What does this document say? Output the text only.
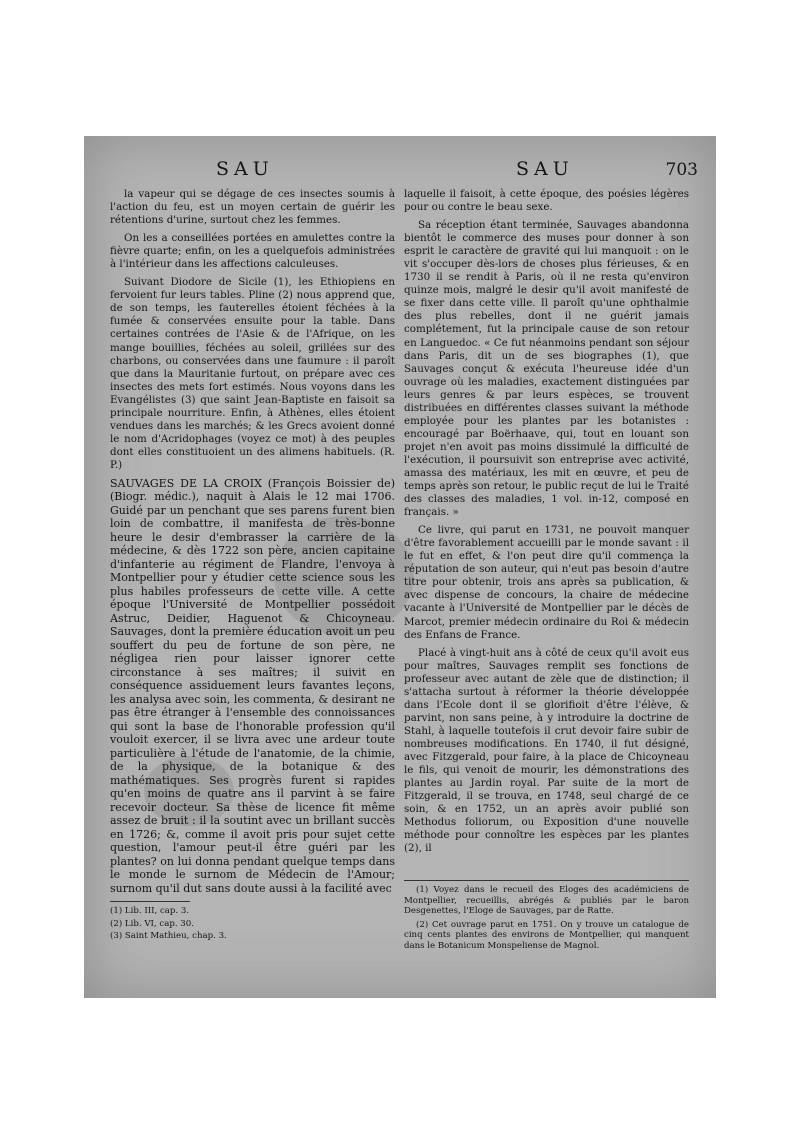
SAU	SAU	703

la vapeur qui se dégage de ces insectes soumis à l'action du feu, est un moyen certain de guérir les rétentions d'urine, surtout chez les femmes.

On les a conseillées portées en amulettes contre la fièvre quarte; enfin, on les a quelquefois administrées à l'intérieur dans les affections calculeuses.

Suivant Diodore de Sicile (1), les Ethiopiens en fervoient fur leurs tables. Pline (2) nous apprend que, de son temps, les fauterelles étoient féchées à la fumée & conservées ensuite pour la table. Dans certaines contrées de l'Asie & de l'Afrique, on les mange bouillies, féchées au soleil, grillées sur des charbons, ou conservées dans une faumure : il paroît que dans la Mauritanie furtout, on prépare avec ces insectes des mets fort estimés. Nous voyons dans les Evangélistes (3) que saint Jean-Baptiste en faisoit sa principale nourriture. Enfin, à Athènes, elles étoient vendues dans les marchés; & les Grecs avoient donné le nom d'Acridophages (voyez ce mot) à des peuples dont elles constituoient un des alimens habituels. (R. P.)

SAUVAGES DE LA CROIX (François Boissier de) (Biogr. médic.), naquit à Alais le 12 mai 1706. Guidé par un penchant que ses parens furent bien loin de combattre, il manifesta de très-bonne heure le desir d'embrasser la carrière de la médecine, & dès 1722 son père, ancien capitaine d'infanterie au régiment de Flandre, l'envoya à Montpellier pour y étudier cette science sous les plus habiles professeurs de cette ville. A cette époque l'Université de Montpellier possédoit Astruc, Deidier, Haguenot & Chicoyneau. Sauvages, dont la première éducation avoit un peu souffert du peu de fortune de son père, ne négligea rien pour laisser ignorer cette circonstance à ses maîtres; il suivit en conséquence assiduement leurs favantes leçons, les analysa avec soin, les commenta, & desirant ne pas être étranger à l'ensemble des connoissances qui sont la base de l'honorable profession qu'il vouloit exercer, il se livra avec une ardeur toute particulière à l'étude de l'anatomie, de la chimie, de la physique, de la botanique & des mathématiques. Ses progrès furent si rapides qu'en moins de quatre ans il parvint à se faire recevoir docteur. Sa thèse de licence fit même assez de bruit : il la soutint avec un brillant succès en 1726; &, comme il avoit pris pour sujet cette question, l'amour peut-il être guéri par les plantes? on lui donna pendant quelque temps dans le monde le surnom de Médecin de l'Amour; surnom qu'il dut sans doute aussi à la facilité avec

laquelle il faisoit, à cette époque, des poésies légères pour ou contre le beau sexe.

Sa réception étant terminée, Sauvages abandonna bientôt le commerce des muses pour donner à son esprit le caractère de gravité qui lui manquoit : on le vit s'occuper dès-lors de choses plus férieuses, & en 1730 il se rendit à Paris, où il ne resta qu'environ quinze mois, malgré le desir qu'il avoit manifesté de se fixer dans cette ville. Il paroît qu'une ophthalmie des plus rebelles, dont il ne guérit jamais complétement, fut la principale cause de son retour en Languedoc. « Ce fut néanmoins pendant son séjour dans Paris, dit un de ses biographes (1), que Sauvages conçut & exécuta l'heureuse idée d'un ouvrage où les maladies, exactement distinguées par leurs genres & par leurs espèces, se trouvent distribuées en différentes classes suivant la méthode employée pour les plantes par les botanistes : encouragé par Boërhaave, qui, tout en louant son projet n'en avoit pas moins dissimulé la difficulté de l'exécution, il poursuivit son entreprise avec activité, amassa des matériaux, les mit en œuvre, et peu de temps après son retour, le public reçut de lui le Traité des classes des maladies, 1 vol. in-12, composé en français. »

Ce livre, qui parut en 1731, ne pouvoit manquer d'être favorablement accueilli par le monde savant : il le fut en effet, & l'on peut dire qu'il commença la réputation de son auteur, qui n'eut pas besoin d'autre titre pour obtenir, trois ans après sa publication, & avec dispense de concours, la chaire de médecine vacante à l'Université de Montpellier par le décès de Marcot, premier médecin ordinaire du Roi & médecin des Enfans de France.

Placé à vingt-huit ans à côté de ceux qu'il avoit eus pour maîtres, Sauvages remplit ses fonctions de professeur avec autant de zèle que de distinction; il s'attacha surtout à réformer la théorie développée dans l'Ecole dont il se glorifioit d'être l'élève, & parvint, non sans peine, à y introduire la doctrine de Stahl, à laquelle toutefois il crut devoir faire subir de nombreuses modifications. En 1740, il fut désigné, avec Fitzgerald, pour faire, à la place de Chicoyneau le fils, qui venoit de mourir, les démonstrations des plantes au Jardin royal. Par suite de la mort de Fitzgerald, il se trouva, en 1748, seul chargé de ce soin, & en 1752, un an après avoir publié son Methodus foliorum, ou Exposition d'une nouvelle méthode pour connoître les espèces par les plantes (2), il

(1) Lib. III, cap. 3.
(2) Lib. VI, cap. 30.
(3) Saint Mathieu, chap. 3.
(1) Voyez dans le recueil des Eloges des académiciens de Montpellier, recueillis, abrégés & publiés par le baron Desgenettes, l'Eloge de Sauvages, par de Ratte.
(2) Cet ouvrage parut en 1751. On y trouve un catalogue de cinq cents plantes des environs de Montpellier, qui manquent dans le Botanicum Monspeliense de Magnol.
